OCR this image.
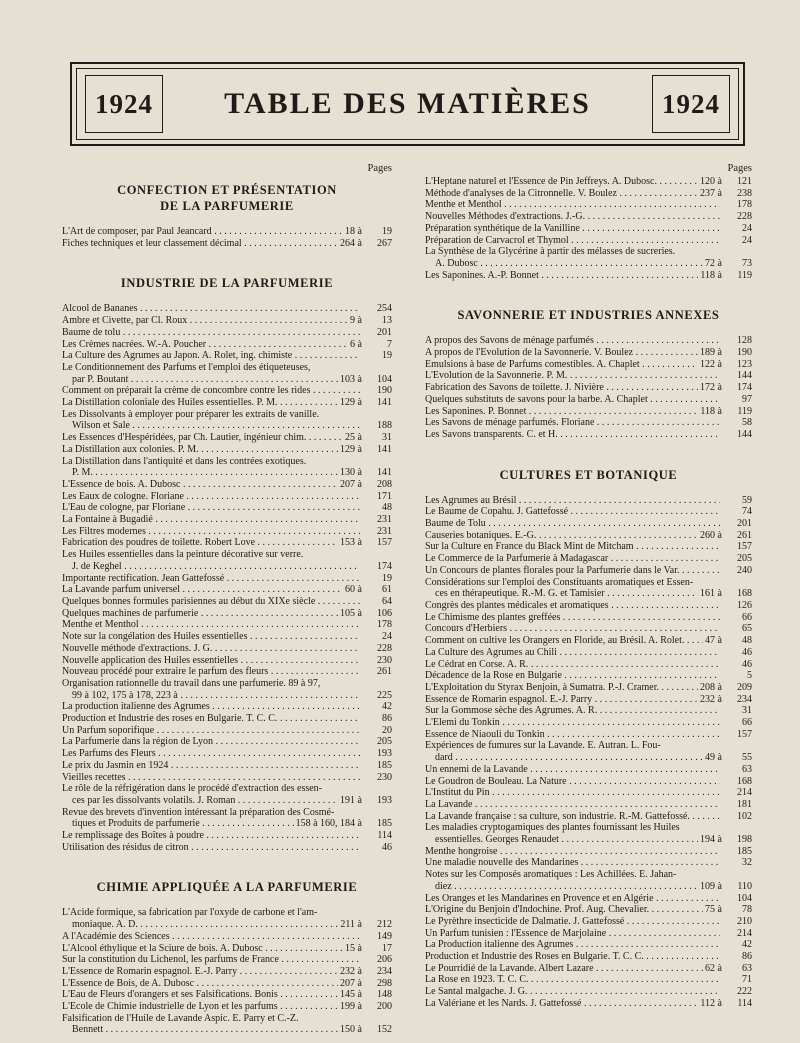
1924	TABLE DES MATIÈRES	1924
Pages
CONFECTION ET PRÉSENTATION
DE LA PARFUMERIE
L'Art de composer, par Paul Jeancard . . .	18 à	19
Fiches techniques et leur classement décimal . . .	264 à	267
INDUSTRIE DE LA PARFUMERIE
Alcool de Bananes . . .	254
Ambre et Civette, par Cl. Roux . . .	9 à	13
Baume de tolu . . .	201
Les Crèmes nacrées. W.-A. Poucher . . .	6 à	7
La Culture des Agrumes au Japon. A. Rolet, ing. chimiste . . .	19
Le Conditionnement des Parfums et l'emploi des étiqueteuses,
par P. Boutant . . .	103 à	104
Comment on préparait la crème de concombre contre les rides . . .	190
La Distillation coloniale des Huiles essentielles. P. M. . . .	129 à	141
Les Dissolvants à employer pour préparer les extraits de vanille.
Wilson et Sale . . .	188
Les Essences d'Hespéridées, par Ch. Lautier, ingénieur chim. . . .	25 à	31
La Distillation aux colonies. P. M. . . .	129 à	141
La Distillation dans l'antiquité et dans les contrées exotiques.
P. M. . . .	130 à	141
L'Essence de bois. A. Dubosc . . .	207 à	208
Les Eaux de cologne. Floriane . . .	171
L'Eau de cologne, par Floriane . . .	48
La Fontaine à Bugadié . . .	231
Les Filtres modernes . . .	231
Fabrication des poudres de toilette. Robert Love . . .	153 à	157
Les Huiles essentielles dans la peinture décorative sur verre.
J. de Keghel . . .	174
Importante rectification. Jean Gattefossé . . .	19
La Lavande parfum universel . . .	60 à	61
Quelques bonnes formules parisiennes au début du XIXe siècle . . .	64
Quelques machines de parfumerie . . .	105 à	106
Menthe et Menthol . . .	178
Note sur la congélation des Huiles essentielles . . .	24
Nouvelle méthode d'extractions. J. G. . . .	228
Nouvelle application des Huiles essentielles . . .	230
Nouveau procédé pour extraire le parfum des fleurs . . .	261
Organisation rationnelle du travail dans une parfumerie. 89 à 97,
99 à 102, 175 à 178, 223 à . . .	225
La production italienne des Agrumes . . .	42
Production et Industrie des roses en Bulgarie. T. C. C. . . .	86
Un Parfum soporifique . . .	20
La Parfumerie dans la région de Lyon . . .	205
Les Parfums des Fleurs . . .	193
Le prix du Jasmin en 1924 . . .	185
Vieilles recettes . . .	230
Le rôle de la réfrigération dans le procédé d'extraction des essen-
ces par les dissolvants volatils. J. Roman . . .	191 à	193
Revue des brevets d'invention intéressant la préparation des Cosmé-
tiques et Produits de parfumerie . . .	158 à 160, 184 à	185
Le remplissage des Boîtes à poudre . . .	114
Utilisation des résidus de citron . . .	46
CHIMIE APPLIQUÉE A LA PARFUMERIE
L'Acide formique, sa fabrication par l'oxyde de carbone et l'am-
moniaque. A. D. . . .	211 à	212
A l'Académie des Sciences . . .	149
L'Alcool éthylique et la Sciure de bois. A. Dubosc . . .	15 à	17
Sur la constitution du Lichenol, les parfums de France . . .	206
L'Essence de Romarin espagnol. E.-J. Parry . . .	232 à	234
L'Essence de Bois, de A. Dubosc . . .	207 à	298
L'Eau de Fleurs d'orangers et ses Falsifications. Bonis . . .	145 à	148
L'Ecole de Chimie industrielle de Lyon et les parfums . . .	199 à	200
Falsification de l'Huile de Lavande Aspic. E. Parry et C.-Z.
Bennett . . .	150 à	152
Pages
L'Heptane naturel et l'Essence de Pin Jeffreys. A. Dubosc. . . .	120 à	121
Méthode d'analyses de la Citronnelle. V. Boulez . . .	237 à	238
Menthe et Menthol . . .	178
Nouvelles Méthodes d'extractions. J.-G. . . .	228
Préparation synthétique de la Vanilline . . .	24
Préparation de Carvacrol et Thymol . . .	24
La Synthèse de la Glycérine à partir des mélasses de sucreries.
A. Dubosc . . .	72 à	73
Les Saponines. A.-P. Bonnet . . .	118 à	119
SAVONNERIE ET INDUSTRIES ANNEXES
A propos des Savons de ménage parfumés . . .	128
A propos de l'Evolution de la Savonnerie. V. Boulez . . .	189 à	190
Emulsions à base de Parfums comestibles. A. Chaplet . . .	122 à	123
L'Evolution de la Savonnerie. P. M. . . .	144
Fabrication des Savons de toilette. J. Nivière . . .	172 à	174
Quelques substituts de savons pour la barbe. A. Chaplet . . .	97
Les Saponines. P. Bonnet . . .	118 à	119
Les Savons de ménage parfumés. Floriane . . .	58
Les Savons transparents. C. et H. . . .	144
CULTURES ET BOTANIQUE
Les Agrumes au Brésil . . .	59
Le Baume de Copahu. J. Gattefossé . . .	74
Baume de Tolu . . .	201
Causeries botaniques. E.-G. . . .	260 à	261
Sur la Culture en France du Black Mint de Mitcham . . .	157
Le Commerce de la Parfumerie à Madagascar . . .	205
Un Concours de plantes florales pour la Parfumerie dans le Var. . . .	240
Considérations sur l'emploi des Constituants aromatiques et Essen-
ces en thérapeutique. R.-M. G. et Tamisier . . .	161 à	168
Congrès des plantes médicales et aromatiques . . .	126
Le Chimisme des plantes greffées . . .	66
Concours d'Herbiers . . .	65
Comment on cultive les Orangers en Floride, au Brésil. A. Rolet. . . .	47 à	48
La Culture des Agrumes au Chili . . .	46
Le Cédrat en Corse. A. R. . . .	46
Décadence de la Rose en Bulgarie . . .	5
L'Exploitation du Styrax Benjoin, à Sumatra. P.-J. Cramer. . . .	208 à	209
Essence de Romarin espagnol. E.-J. Parry . . .	232 à	234
Sur la Gommose sèche des Agrumes. A. R. . . .	31
L'Elemi du Tonkin . . .	66
Essence de Niaouli du Tonkin . . .	157
Expériences de fumures sur la Lavande. E. Autran. L. Fou-
dard . . .	49 à	55
Un ennemi de la Lavande . . .	63
Le Goudron de Bouleau. La Nature . . .	168
L'Institut du Pin . . .	214
La Lavande . . .	181
La Lavande française : sa culture, son industrie. R.-M. Gattefossé. . . .	102
Les maladies cryptogamiques des plantes fournissant les Huiles
essentielles. Georges Renaudet . . .	194 à	198
Menthe hongroise . . .	185
Une maladie nouvelle des Mandarines . . .	32
Notes sur les Composés aromatiques : Les Achillées. E. Jahan-
diez . . .	109 à	110
Les Oranges et les Mandarines en Provence et en Algérie . . .	104
L'Origine du Benjoin d'Indochine. Prof. Aug. Chevalier. . . .	75 à	78
Le Pyrèthre insecticide de Dalmatie. J. Gattefossé . . .	210
Un Parfum tunisien : l'Essence de Marjolaine . . .	214
La Production italienne des Agrumes . . .	42
Production et Industrie des Roses en Bulgarie. T. C. C. . . .	86
Le Pourridié de la Lavande. Albert Lazare . . .	62 à	63
La Rose en 1923. T. C. C. . . .	71
Le Santal malgache. J. G. . . .	222
La Valériane et les Nards. J. Gattefossé . . .	112 à	114
